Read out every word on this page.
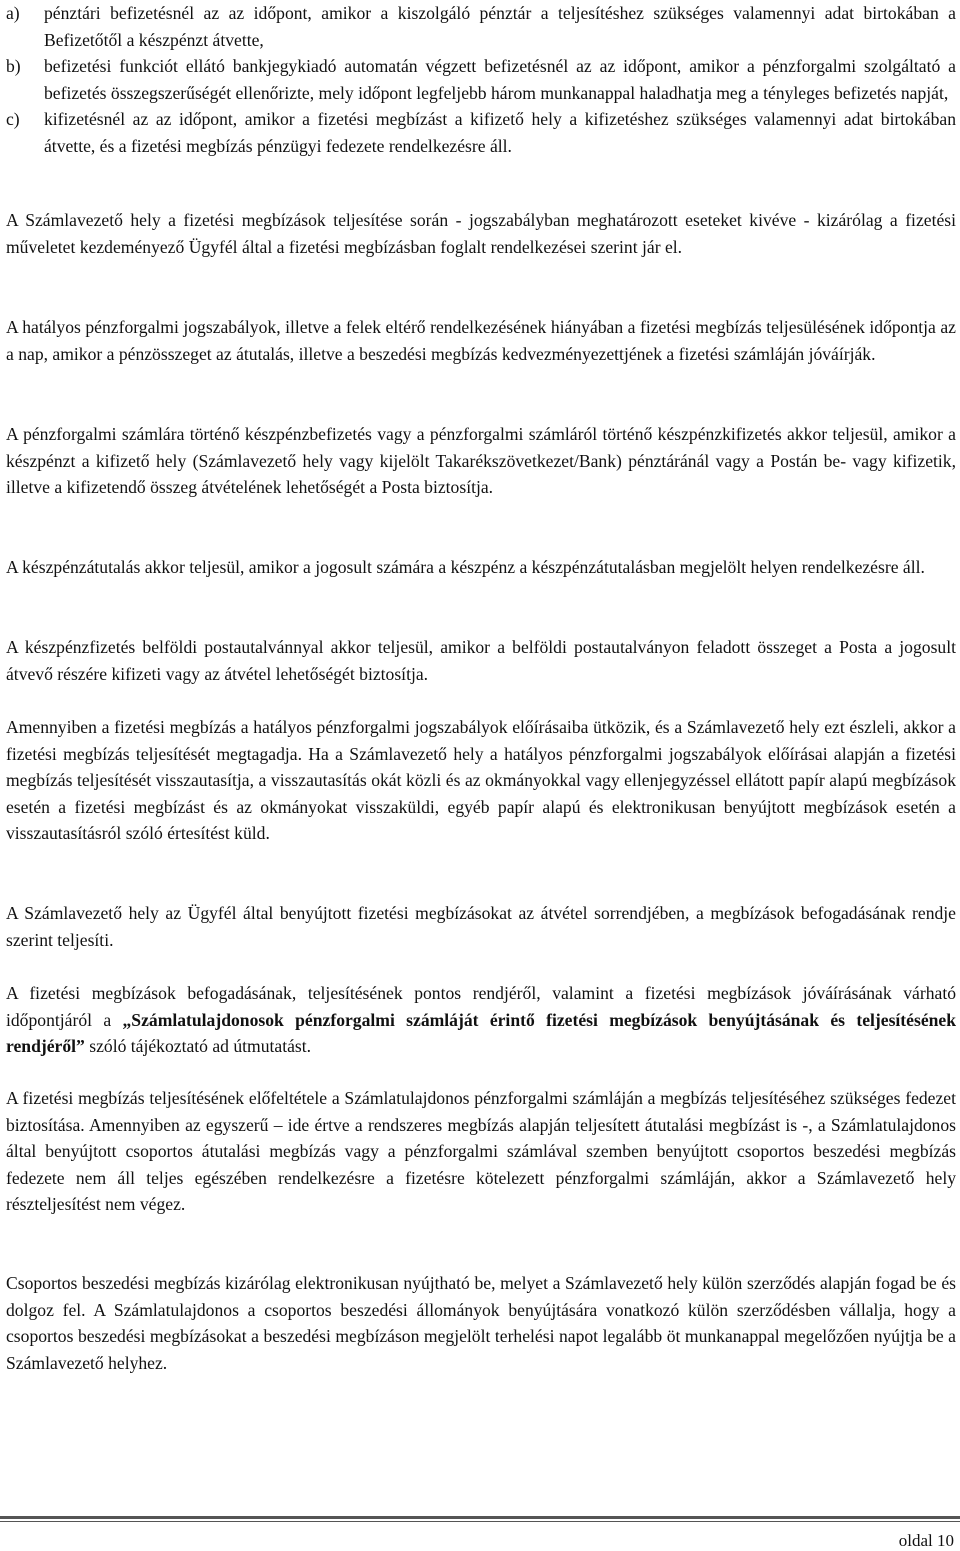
a)	pénztári befizetésnél az az időpont, amikor a kiszolgáló pénztár a teljesítéshez szükséges valamennyi adat birtokában a Befizetőtől a készpénzt átvette,
b)	befizetési funkciót ellátó bankjegykiadó automatán végzett befizetésnél az az időpont, amikor a pénzforgalmi szolgáltató a befizetés összegszerűségét ellenőrizte, mely időpont legfeljebb három munkanappal haladhatja meg a tényleges befizetés napját,
c)	kifizetésnél az az időpont, amikor a fizetési megbízást a kifizető hely a kifizetéshez szükséges valamennyi adat birtokában átvette, és a fizetési megbízás pénzügyi fedezete rendelkezésre áll.

A Számlavezető hely a fizetési megbízások teljesítése során - jogszabályban meghatározott eseteket kivéve - kizárólag a fizetési műveletet kezdeményező Ügyfél által a fizetési megbízásban foglalt rendelkezései szerint jár el.

A hatályos pénzforgalmi jogszabályok, illetve a felek eltérő rendelkezésének hiányában a fizetési megbízás teljesülésének időpontja az a nap, amikor a pénzösszeget az átutalás, illetve a beszedési megbízás kedvezményezettjének a fizetési számláján jóváírják.

A pénzforgalmi számlára történő készpénzbefizetés vagy a pénzforgalmi számláról történő készpénzkifizetés akkor teljesül, amikor a készpénzt a kifizető hely (Számlavezető hely vagy kijelölt Takarékszövetkezet/Bank) pénztáránál vagy a Postán be- vagy kifizetik, illetve a kifizetendő összeg átvételének lehetőségét a Posta biztosítja.

A készpénzátutalás akkor teljesül, amikor a jogosult számára a készpénz a készpénzátutalásban megjelölt helyen rendelkezésre áll.

A készpénzfizetés belföldi postautalvánnyal akkor teljesül, amikor a belföldi postautalványon feladott összeget a Posta a jogosult átvevő részére kifizeti vagy az átvétel lehetőségét biztosítja.

Amennyiben a fizetési megbízás a hatályos pénzforgalmi jogszabályok előírásaiba ütközik, és a Számlavezető hely ezt észleli, akkor a fizetési megbízás teljesítését megtagadja. Ha a Számlavezető hely a hatályos pénzforgalmi jogszabályok előírásai alapján a fizetési megbízás teljesítését visszautasítja, a visszautasítás okát közli és az okmányokkal vagy ellenjegyzéssel ellátott papír alapú megbízások esetén a fizetési megbízást és az okmányokat visszaküldi, egyéb papír alapú és elektronikusan benyújtott megbízások esetén a visszautasításról szóló értesítést küld.

A Számlavezető hely az Ügyfél által benyújtott fizetési megbízásokat az átvétel sorrendjében, a megbízások befogadásának rendje szerint teljesíti.

A fizetési megbízások befogadásának, teljesítésének pontos rendjéről, valamint a fizetési megbízások jóváírásának várható időpontjáról a „Számlatulajdonosok pénzforgalmi számláját érintő fizetési megbízások benyújtásának és teljesítésének rendjéről” szóló tájékoztató ad útmutatást.

A fizetési megbízás teljesítésének előfeltétele a Számlatulajdonos pénzforgalmi számláján a megbízás teljesítéséhez szükséges fedezet biztosítása. Amennyiben az egyszerű – ide értve a rendszeres megbízás alapján teljesített átutalási megbízást is -, a Számlatulajdonos által benyújtott csoportos átutalási megbízás vagy a pénzforgalmi számlával szemben benyújtott csoportos beszedési megbízás fedezete nem áll teljes egészében rendelkezésre a fizetésre kötelezett pénzforgalmi számláján, akkor a Számlavezető hely részteljesítést nem végez.

Csoportos beszedési megbízás kizárólag elektronikusan nyújtható be, melyet a Számlavezető hely külön szerződés alapján fogad be és dolgoz fel. A Számlatulajdonos a csoportos beszedési állományok benyújtására vonatkozó külön szerződésben vállalja, hogy a csoportos beszedési megbízásokat a beszedési megbízáson megjelölt terhelési napot legalább öt munkanappal megelőzően nyújtja be a Számlavezető helyhez.

oldal 10
